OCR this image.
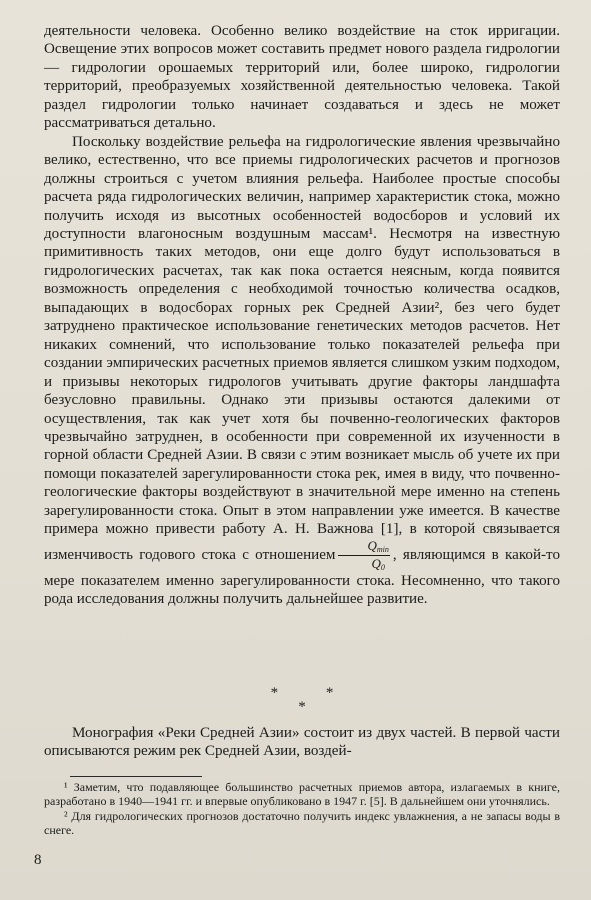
деятельности человека. Особенно велико воздействие на сток ирригации. Освещение этих вопросов может составить предмет нового раздела гидрологии — гидрологии орошаемых территорий или, более широко, гидрологии территорий, преобразуемых хозяйственной деятельностью человека. Такой раздел гидрологии только начинает создаваться и здесь не может рассматриваться детально.

Поскольку воздействие рельефа на гидрологические явления чрезвычайно велико, естественно, что все приемы гидрологических расчетов и прогнозов должны строиться с учетом влияния рельефа. Наиболее простые способы расчета ряда гидрологических величин, например характеристик стока, можно получить исходя из высотных особенностей водосборов и условий их доступности влагоносным воздушным массам¹. Несмотря на известную примитивность таких методов, они еще долго будут использоваться в гидрологических расчетах, так как пока остается неясным, когда появится возможность определения с необходимой точностью количества осадков, выпадающих в водосборах горных рек Средней Азии², без чего будет затруднено практическое использование генетических методов расчетов. Нет никаких сомнений, что использование только показателей рельефа при создании эмпирических расчетных приемов является слишком узким подходом, и призывы некоторых гидрологов учитывать другие факторы ландшафта безусловно правильны. Однако эти призывы остаются далекими от осуществления, так как учет хотя бы почвенно-геологических факторов чрезвычайно затруднен, в особенности при современной их изученности в горной области Средней Азии. В связи с этим возникает мысль об учете их при помощи показателей зарегулированности стока рек, имея в виду, что почвенно-геологические факторы воздействуют в значительной мере именно на степень зарегулированности стока. Опыт в этом направлении уже имеется. В качестве примера можно привести работу А. Н. Важнова [1], в которой связывается изменчивость годового стока с отношением $\frac{Q_{min}}{Q_0}$ , являющимся в какой-то мере показателем именно зарегулированности стока. Несомненно, что такого рода исследования должны получить дальнейшее развитие.

* *
*

Монография «Реки Средней Азии» состоит из двух частей. В первой части описываются режим рек Средней Азии, воздей-

¹ Заметим, что подавляющее большинство расчетных приемов автора, излагаемых в книге, разработано в 1940—1941 гг. и впервые опубликовано в 1947 г. [5]. В дальнейшем они уточнялись.

² Для гидрологических прогнозов достаточно получить индекс увлажнения, а не запасы воды в снеге.

8
